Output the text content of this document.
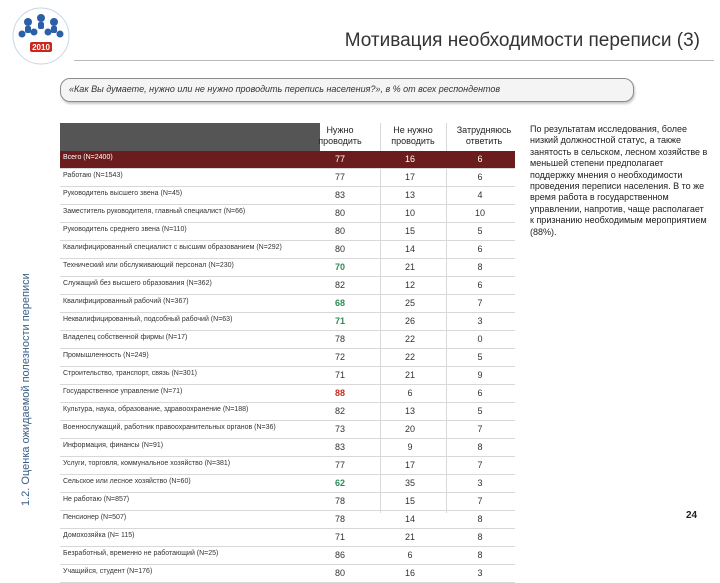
2010	Мотивация необходимости переписи (3)
1.2. Оценка ожидаемой полезности переписи
«Как Вы думаете, нужно или не нужно проводить перепись населения?», в % от всех респондентов
Нужно проводить
Не нужно проводить
Затрудняюсь ответить
Всего (N=2400)	77	16	6
Работаю (N=1543)	77	17	6
Руководитель высшего звена (N=45)	83	13	4
Заместитель руководителя, главный специалист (N=66)	80	10	10
Руководитель среднего звена (N=110)	80	15	5
Квалифицированный специалист с высшим образованием (N=292)	80	14	6
Технический или обслуживающий персонал (N=230)	70	21	8
Служащий без высшего образования (N=362)	82	12	6
Квалифицированный рабочий (N=367)	68	25	7
Неквалифицированный, подсобный рабочий (N=63)	71	26	3
Владелец собственной фирмы (N=17)	78	22	0
Промышленность (N=249)	72	22	5
Строительство, транспорт, связь (N=301)	71	21	9
Государственное управление (N=71)	88	6	6
Культура, наука, образование, здравоохранение (N=188)	82	13	5
Военнослужащий, работник правоохранительных органов (N=36)	73	20	7
Информация, финансы (N=91)	83	9	8
Услуги, торговля, коммунальное хозяйство (N=381)	77	17	7
Сельское или лесное хозяйство (N=60)	62	35	3
Не работаю (N=857)	78	15	7
Пенсионер (N=507)	78	14	8
Домохозяйка (N= 115)	71	21	8
Безработный, временно не работающий (N=25)	86	6	8
Учащийся, студент (N=176)	80	16	3
По результатам исследования, более низкий должностной статус, а также занятость в сельском, лесном хозяйстве в меньшей степени предполагает поддержку мнения о необходимости проведения переписи населения. В то же время работа в государственном управлении, напротив, чаще располагает к признанию необходимым мероприятием (88%).
24
